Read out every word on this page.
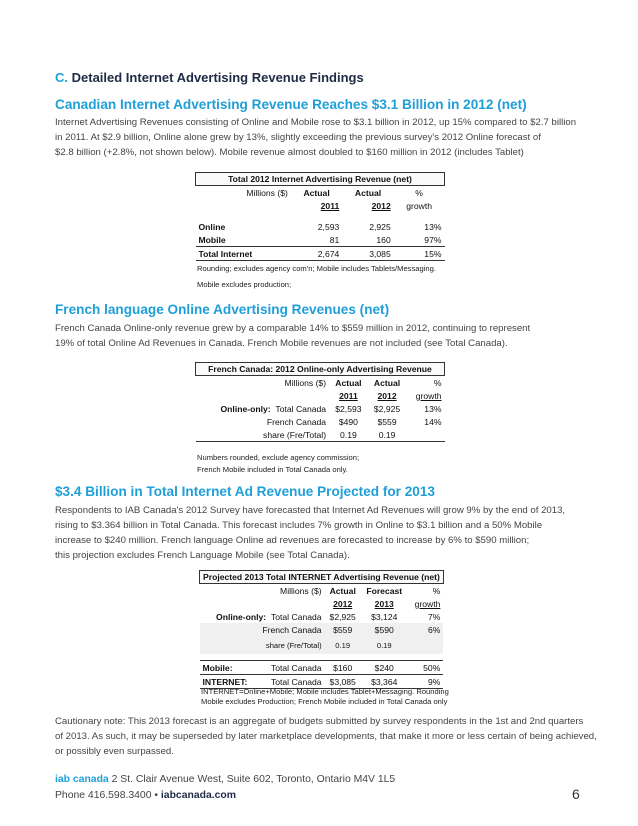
C. Detailed Internet Advertising Revenue Findings
Canadian Internet Advertising Revenue Reaches $3.1 Billion in 2012 (net)

Internet Advertising Revenues consisting of Online and Mobile rose to $3.1 billion in 2012, up 15% compared to $2.7 billion

in 2011. At $2.9 billion, Online alone grew by 13%, slightly exceeding the previous survey's 2012 Online forecast of

$2.8 billion (+2.8%, not shown below). Mobile revenue almost doubled to $160 million in 2012 (includes Tablet)

Total 2012 Internet Advertising Revenue (net)			
Millions ($)	Actual	Actual	%
	2011	2012	growth

Online	2,593	2,925	13%
Mobile	81	160	97%
Total Internet	2,674	3,085	15%

Rounding; excludes agency com'n; Mobile includes Tablets/Messaging.

Mobile excludes production;

French language Online Advertising Revenues (net)

French Canada Online-only revenue grew by a comparable 14% to $559 million in 2012, continuing to represent

19% of total Online Ad Revenues in Canada. French Mobile revenues are not included (see Total Canada).

French Canada: 2012 Online-only Advertising Revenue			
Millions ($)	Actual	Actual	%
	2011	2012	growth
Online-only: Total Canada	$2,593	$2,925	13%
French Canada	$490	$559	14%
share (Fre/Total)	0.19	0.19	

Numbers rounded, exclude agency commission;

French Mobile included in Total Canada only.

$3.4 Billion in Total Internet Ad Revenue Projected for 2013

Respondents to IAB Canada's 2012 Survey have forecasted that Internet Ad Revenues will grow 9% by the end of 2013,

rising to $3.364 billion in Total Canada. This forecast includes 7% growth in Online to $3.1 billion and a 50% Mobile

increase to $240 million. French language Online ad revenues are forecasted to increase by 6% to $590 million;

this projection excludes French Language Mobile (see Total Canada).

Projected 2013 Total INTERNET Advertising Revenue (net)			
Millions ($)	Actual	Forecast	%
	2012	2013	growth
Online-only: Total Canada	$2,925	$3,124	7%
French Canada	$559	$590	6%
share (Fre/Total)	0.19	0.19	

Mobile: Total Canada	$160	$240	50%
INTERNET: Total Canada	$3,085	$3,364	9%

INTERNET=Online+Mobile; Mobile includes Tablet+Messaging. Rounding

Mobile excludes Production; French Mobile included in Total Canada only

Cautionary note: This 2013 forecast is an aggregate of budgets submitted by survey respondents in the 1st and 2nd quarters

of 2013. As such, it may be superseded by later marketplace developments, that make it more or less certain of being achieved,

or possibly even surpassed.

iab canada 2 St. Clair Avenue West, Suite 602, Toronto, Ontario M4V 1L5
Phone 416.598.3400 • iabcanada.com	6
